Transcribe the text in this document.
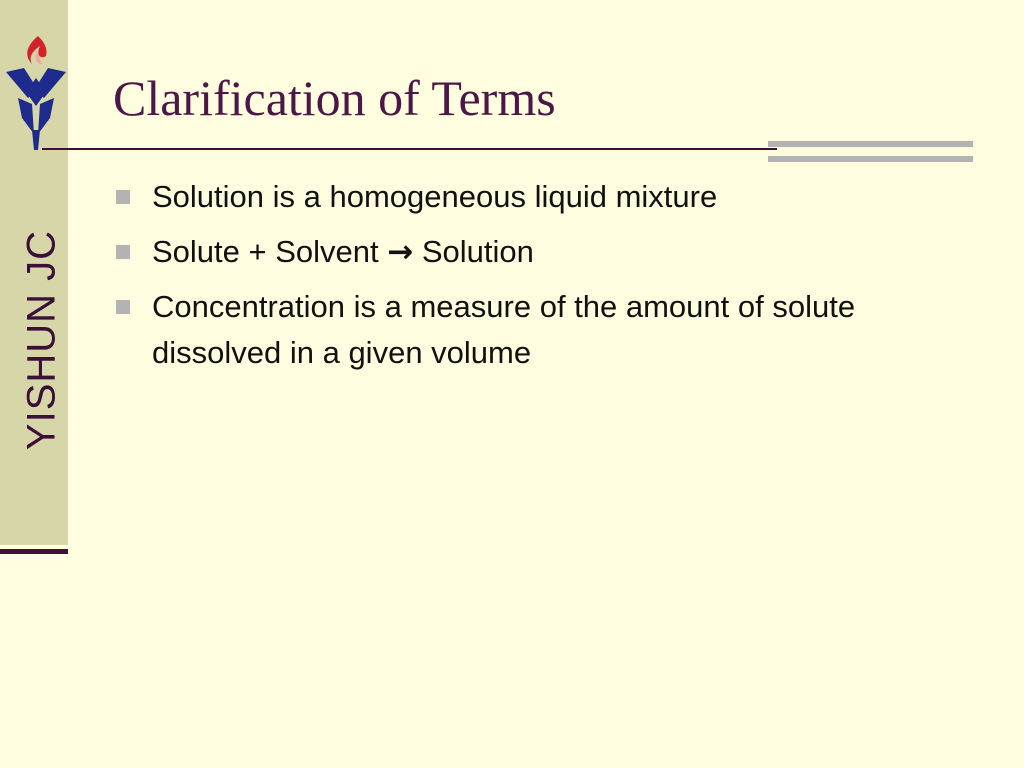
YISHUN JC
Clarification of Terms
Solution is a homogeneous liquid mixture
Solute + Solvent → Solution
Concentration is a measure of the amount of solute dissolved in a given volume
